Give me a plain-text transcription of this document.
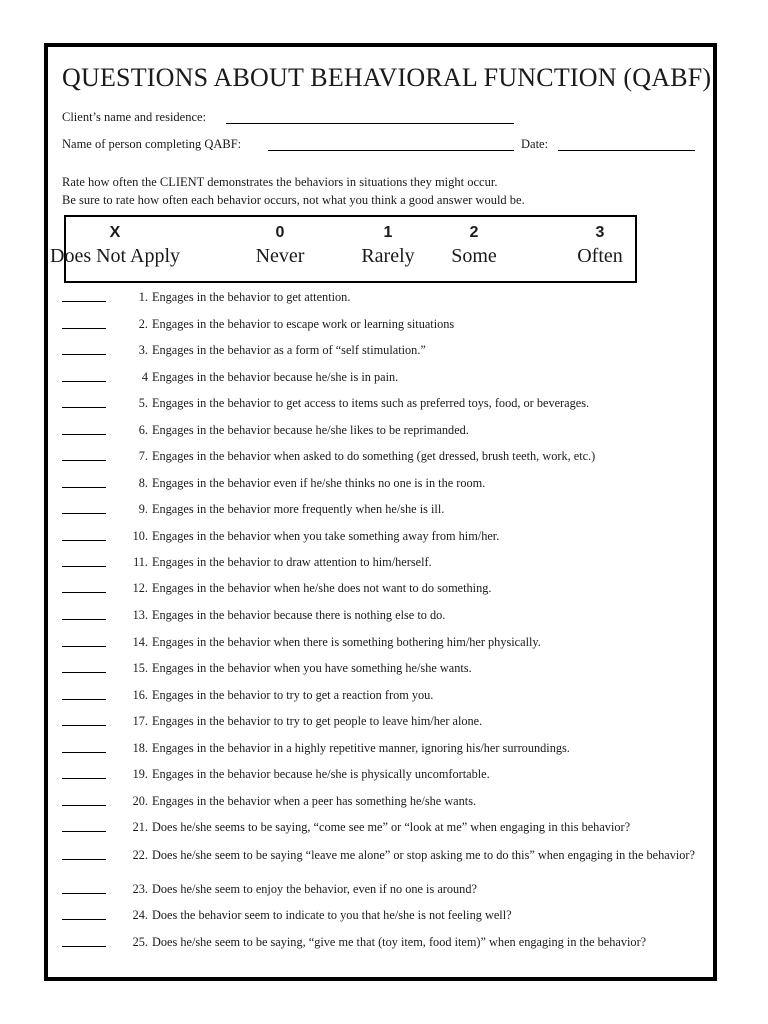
QUESTIONS ABOUT BEHAVIORAL FUNCTION (QABF)
Client’s name and residence:
Name of person completing QABF:	Date:
Rate how often the CLIENT demonstrates the behaviors in situations they might occur.
Be sure to rate how often each behavior occurs, not what you think a good answer would be.
X
Does Not Apply
0
Never
1
Rarely
2
Some
3
Often
1. Engages in the behavior to get attention.
2. Engages in the behavior to escape work or learning situations
3. Engages in the behavior as a form of “self stimulation.”
4 Engages in the behavior because he/she is in pain.
5. Engages in the behavior to get access to items such as preferred toys, food, or beverages.
6. Engages in the behavior because he/she likes to be reprimanded.
7. Engages in the behavior when asked to do something (get dressed, brush teeth, work, etc.)
8. Engages in the behavior even if he/she thinks no one is in the room.
9. Engages in the behavior more frequently when he/she is ill.
10. Engages in the behavior when you take something away from him/her.
11. Engages in the behavior to draw attention to him/herself.
12. Engages in the behavior when he/she does not want to do something.
13. Engages in the behavior because there is nothing else to do.
14. Engages in the behavior when there is something bothering him/her physically.
15. Engages in the behavior when you have something he/she wants.
16. Engages in the behavior to try to get a reaction from you.
17. Engages in the behavior to try to get people to leave him/her alone.
18. Engages in the behavior in a highly repetitive manner, ignoring his/her surroundings.
19. Engages in the behavior because he/she is physically uncomfortable.
20. Engages in the behavior when a peer has something he/she wants.
21. Does he/she seems to be saying, “come see me” or “look at me” when engaging in this behavior?
22. Does he/she seem to be saying “leave me alone” or stop asking me to do this” when engaging in the behavior?
23. Does he/she seem to enjoy the behavior, even if no one is around?
24. Does the behavior seem to indicate to you that he/she is not feeling well?
25. Does he/she seem to be saying, “give me that (toy item, food item)” when engaging in the behavior?
